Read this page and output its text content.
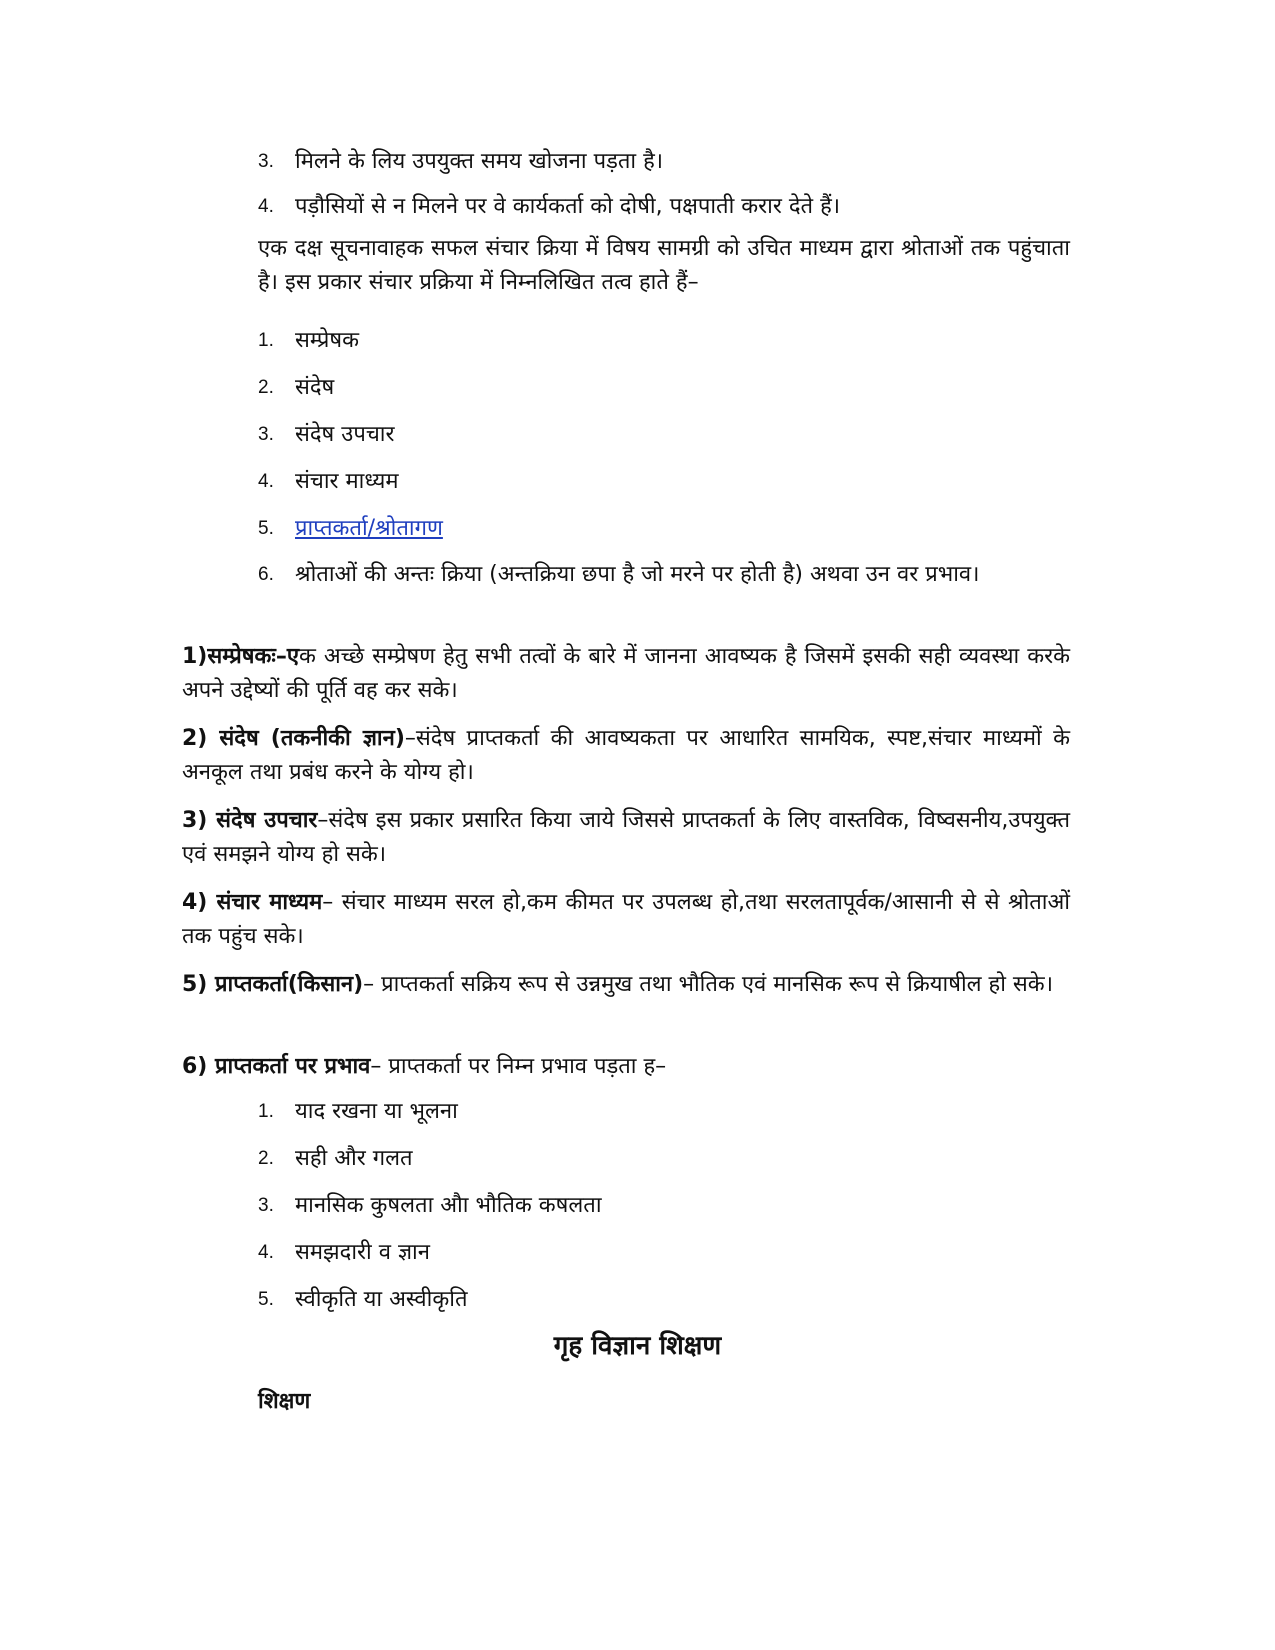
3. मिलने के लिय उपयुक्त समय खोजना पड़ता है।
4. पड़ौसियों से न मिलने पर वे कार्यकर्ता को दोषी, पक्षपाती करार देते हैं।
एक दक्ष सूचनावाहक सफल संचार क्रिया में विषय सामग्री को उचित माध्यम द्वारा श्रोताओं तक पहुंचाता है। इस प्रकार संचार प्रक्रिया में निम्नलिखित तत्व हाते हैं–
1. सम्प्रेषक
2. संदेष
3. संदेष उपचार
4. संचार माध्यम
5. प्राप्तकर्ता/श्रोतागण
6. श्रोताओं की अन्तः क्रिया (अन्तक्रिया छपा है जो मरने पर होती है) अथवा उन वर प्रभाव।
1)सम्प्रेषकः–एक अच्छे सम्प्रेषण हेतु सभी तत्वों के बारे में जानना आवष्यक है जिसमें इसकी सही व्यवस्था करके अपने उद्देष्यों की पूर्ति वह कर सके।
2) संदेष (तकनीकी ज्ञान)–संदेष प्राप्तकर्ता की आवष्यकता पर आधारित सामयिक, स्पष्ट,संचार माध्यमों के अनकूल तथा प्रबंध करने के योग्य हो।
3) संदेष उपचार–संदेष इस प्रकार प्रसारित किया जाये जिससे प्राप्तकर्ता के लिए वास्तविक, विष्वसनीय,उपयुक्त एवं समझने योग्य हो सके।
4) संचार माध्यम– संचार माध्यम सरल हो,कम कीमत पर उपलब्ध हो,तथा सरलतापूर्वक/आसानी से से श्रोताओं तक पहुंच सके।
5) प्राप्तकर्ता(किसान)– प्राप्तकर्ता सक्रिय रूप से उन्नमुख तथा भौतिक एवं मानसिक रूप से क्रियाषील हो सके।
6) प्राप्तकर्ता पर प्रभाव– प्राप्तकर्ता पर निम्न प्रभाव पड़ता ह–
1. याद रखना या भूलना
2. सही और गलत
3. मानसिक कुषलता औा भौतिक कषलता
4. समझदारी व ज्ञान
5. स्वीकृति या अस्वीकृति
गृह विज्ञान शिक्षण
शिक्षण
